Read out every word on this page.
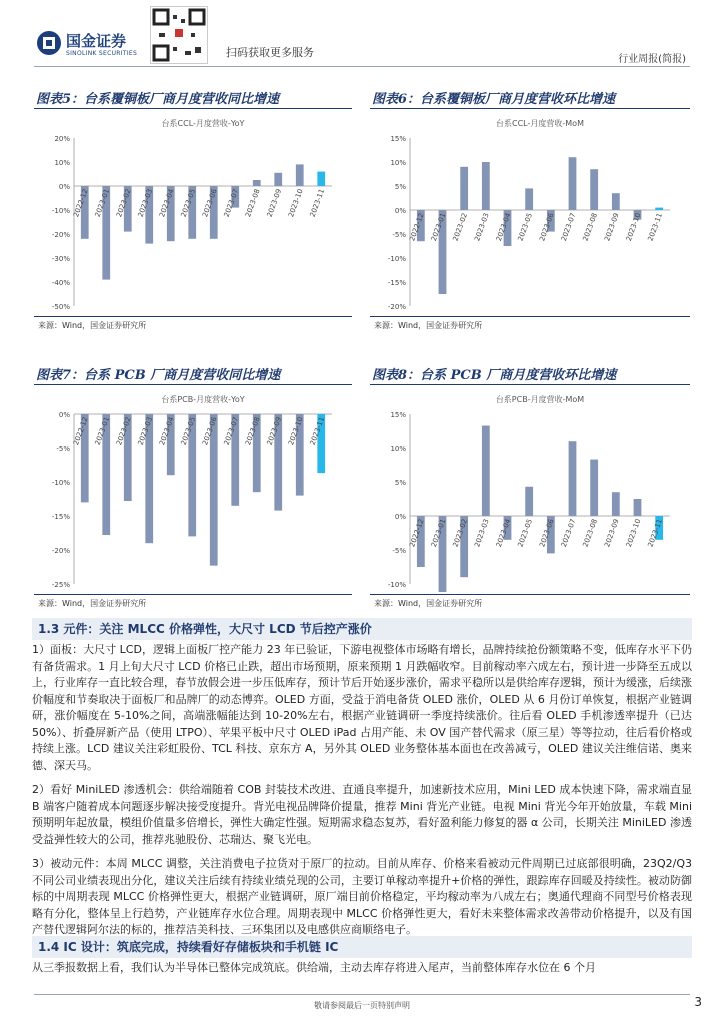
国金证券
SINOLINK SECURITIES	扫码获取更多服务
行业周报(简报)
图表5：台系覆铜板厂商月度营收同比增速	图表6：台系覆铜板厂商月度营收环比增速
来源：Wind，国金证券研究所	来源：Wind，国金证券研究所
图表7：台系 PCB 厂商月度营收同比增速	图表8：台系 PCB 厂商月度营收环比增速
来源：Wind，国金证券研究所	来源：Wind，国金证券研究所
台系CCL-月度营收-YoY
20%
10%
0%
-10%
-20%
-30%
-40%
-50%
2022-12 2023-01 2023-02 2023-03 2023-04 2023-05 2023-06 2023-07 2023-08 2023-09 2023-10 2023-11
台系CCL-月度营收-MoM
15%
10%
5%
0%
-5%
-10%
-15%
-20%
2022-12 2023-01 2023-02 2023-03 2023-04 2023-05 2023-06 2023-07 2023-08 2023-09 2023-10 2023-11
台系PCB-月度营收-YoY
0%
-5%
-10%
-15%
-20%
-25%
2022-12 2023-01 2023-02 2023-03 2023-04 2023-05 2023-06 2023-07 2023-08 2023-09 2023-10 2023-11
台系PCB-月度营收-MoM
15%
10%
5%
0%
-5%
-10%
2022-12 2023-01 2023-02 2023-03 2023-04 2023-05 2023-06 2023-07 2023-08 2023-09 2023-10 2023-11
1.3 元件：关注 MLCC 价格弹性，大尺寸 LCD 节后控产涨价
1）面板：大尺寸 LCD，逻辑上面板厂控产能力 23 年已验证，下游电视整体市场略有增长，品牌持续抢份额策略不变，低库存水平下仍有备货需求。1 月上旬大尺寸 LCD 价格已止跌，超出市场预期，原来预期 1 月跌幅收窄。目前稼动率六成左右，预计进一步降至五成以上，行业库存一直比较合理，春节放假会进一步压低库存，预计节后开始逐步涨价，需求平稳所以是供给库存逻辑，预计为缓涨，后续涨价幅度和节奏取决于面板厂和品牌厂的动态博弈。OLED 方面，受益于消电备货 OLED 涨价，OLED 从 6 月份订单恢复，根据产业链调研，涨价幅度在 5-10%之间，高端涨幅能达到 10-20%左右，根据产业链调研一季度持续涨价。往后看 OLED 手机渗透率提升（已达 50%）、折叠屏新产品（使用 LTPO）、苹果平板中尺寸 OLED iPad 占用产能、未 OV 国产替代需求（原三星）等等拉动，往后看价格或持续上涨。LCD 建议关注彩虹股份、TCL 科技、京东方 A，另外其 OLED 业务整体基本面也在改善减亏，OLED 建议关注维信诺、奥来德、深天马。
2）看好 MiniLED 渗透机会：供给端随着 COB 封装技术改进、直通良率提升，加速新技术应用，Mini LED 成本快速下降，需求端直显 B 端客户随着成本问题逐步解决接受度提升。背光电视品牌降价提量，推荐 Mini 背光产业链。电视 Mini 背光今年开始放量，车载 Mini 预期明年起放量，模组价值量多倍增长，弹性大确定性强。短期需求稳态复苏，看好盈利能力修复的器 α 公司，长期关注 MiniLED 渗透受益弹性较大的公司，推荐兆驰股份、芯瑞达、聚飞光电。
3）被动元件：本周 MLCC 调整，关注消费电子拉货对于原厂的拉动。目前从库存、价格来看被动元件周期已过底部很明确，23Q2/Q3 不同公司业绩表现出分化，建议关注后续有持续业绩兑现的公司，主要订单稼动率提升+价格的弹性，跟踪库存回暖及持续性。被动防御标的中周期表现 MLCC 价格弹性更大，根据产业链调研，原厂端目前价格稳定，平均稼动率为八成左右；奥通代理商不同型号价格表现略有分化，整体呈上行趋势，产业链库存水位合理。周期表现中 MLCC 价格弹性更大，看好未来整体需求改善带动价格提升，以及有国产替代逻辑阿尔法的标的，推荐洁美科技、三环集团以及电感供应商顺络电子。
1.4 IC 设计：筑底完成，持续看好存储板块和手机链 IC
从三季报数据上看，我们认为半导体已整体完成筑底。供给端，主动去库存将进入尾声，当前整体库存水位在 6 个月
敬请参阅最后一页特别声明	3
